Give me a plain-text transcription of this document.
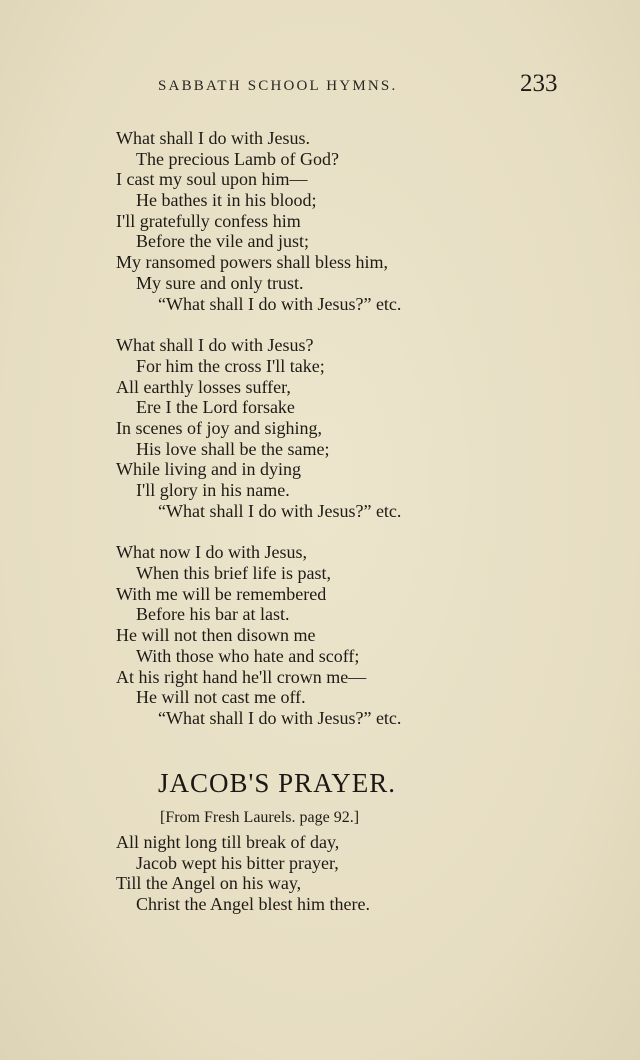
SABBATH SCHOOL HYMNS.	233
What shall I do with Jesus.
The precious Lamb of God?
I cast my soul upon him—
He bathes it in his blood;
I'll gratefully confess him
Before the vile and just;
My ransomed powers shall bless him,
My sure and only trust.
“What shall I do with Jesus?” etc.
What shall I do with Jesus?
For him the cross I'll take;
All earthly losses suffer,
Ere I the Lord forsake
In scenes of joy and sighing,
His love shall be the same;
While living and in dying
I'll glory in his name.
“What shall I do with Jesus?” etc.
What now I do with Jesus,
When this brief life is past,
With me will be remembered
Before his bar at last.
He will not then disown me
With those who hate and scoff;
At his right hand he'll crown me—
He will not cast me off.
“What shall I do with Jesus?” etc.
JACOB'S PRAYER.
[From Fresh Laurels. page 92.]
All night long till break of day,
Jacob wept his bitter prayer,
Till the Angel on his way,
Christ the Angel blest him there.
